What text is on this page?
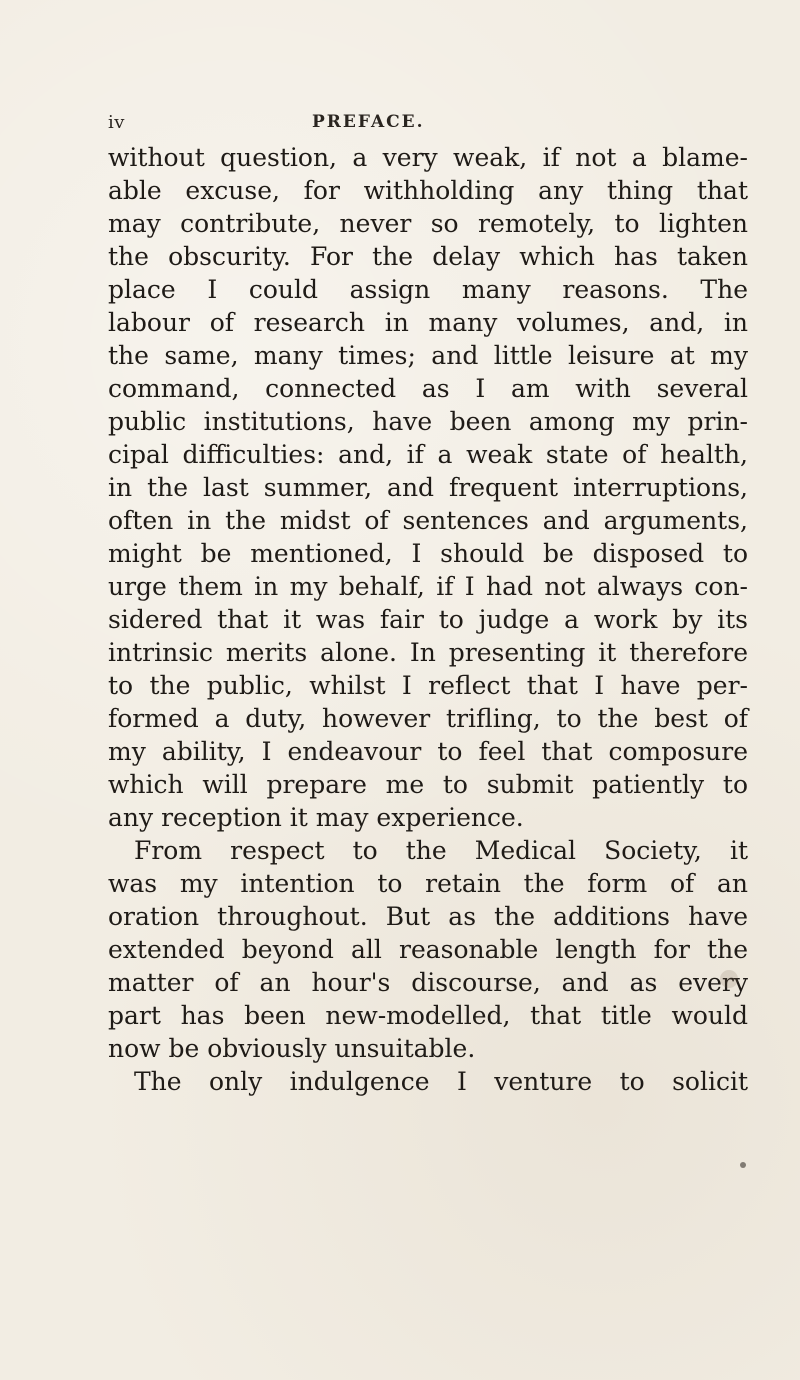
iv	PREFACE.
without question, a very weak, if not a blame-
able excuse, for withholding any thing that
may contribute, never so remotely, to lighten
the obscurity. For the delay which has taken
place I could assign many reasons. The
labour of research in many volumes, and, in
the same, many times; and little leisure at my
command, connected as I am with several
public institutions, have been among my prin-
cipal difficulties: and, if a weak state of health,
in the last summer, and frequent interruptions,
often in the midst of sentences and arguments,
might be mentioned, I should be disposed to
urge them in my behalf, if I had not always con-
sidered that it was fair to judge a work by its
intrinsic merits alone. In presenting it therefore
to the public, whilst I reflect that I have per-
formed a duty, however trifling, to the best of
my ability, I endeavour to feel that composure
which will prepare me to submit patiently to
any reception it may experience.
From respect to the Medical Society, it
was my intention to retain the form of an
oration throughout. But as the additions have
extended beyond all reasonable length for the
matter of an hour's discourse, and as every
part has been new-modelled, that title would
now be obviously unsuitable.
The only indulgence I venture to solicit
